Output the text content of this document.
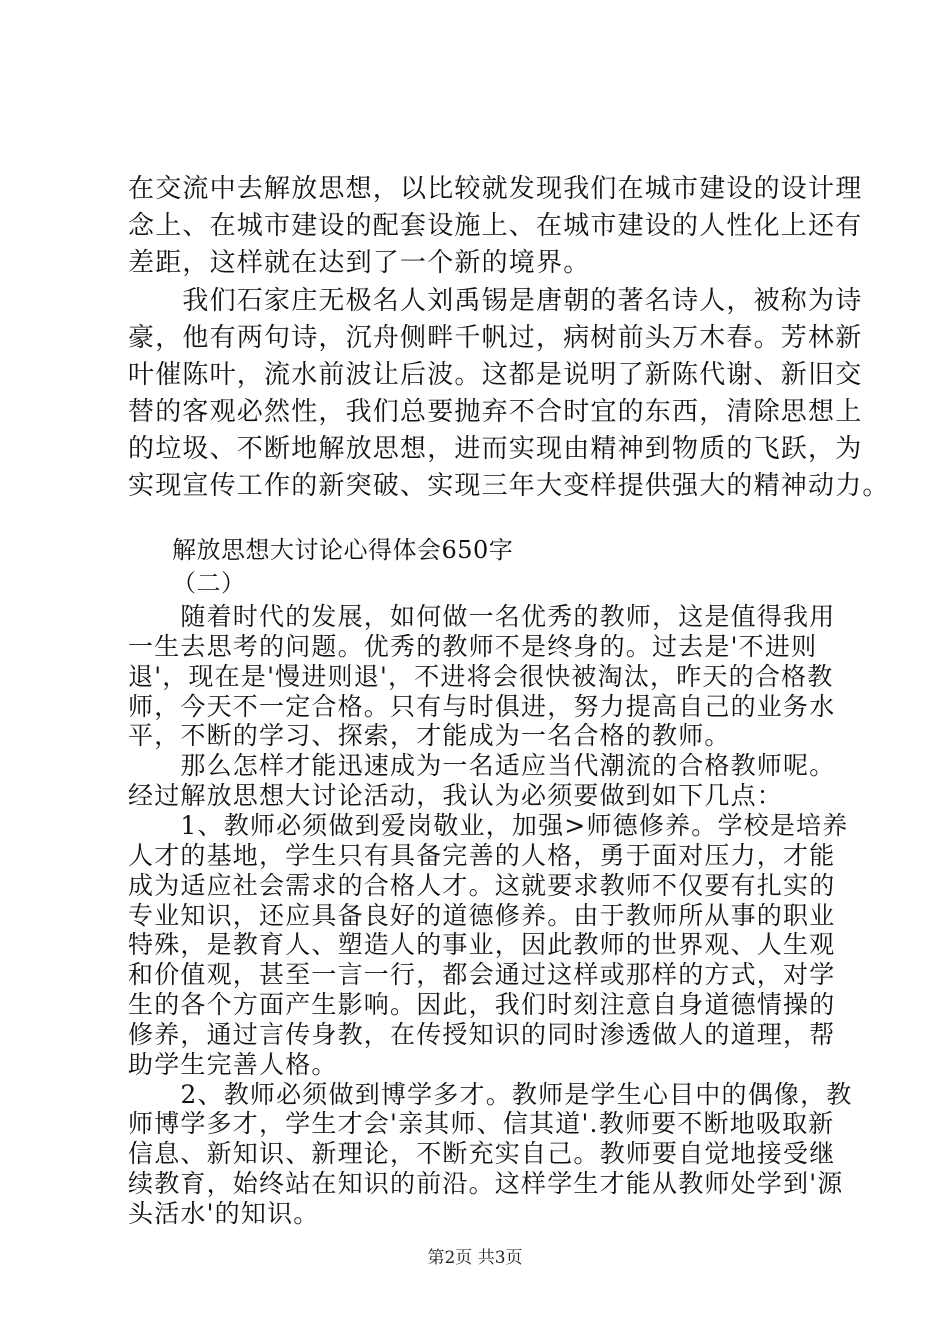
在交流中去解放思想，以比较就发现我们在城市建设的设计理
念上、在城市建设的配套设施上、在城市建设的人性化上还有
差距，这样就在达到了一个新的境界。
　　我们石家庄无极名人刘禹锡是唐朝的著名诗人，被称为诗
豪，他有两句诗，沉舟侧畔千帆过，病树前头万木春。芳林新
叶催陈叶，流水前波让后波。这都是说明了新陈代谢、新旧交
替的客观必然性，我们总要抛弃不合时宜的东西，清除思想上
的垃圾、不断地解放思想，进而实现由精神到物质的飞跃，为
实现宣传工作的新突破、实现三年大变样提供强大的精神动力。
解放思想大讨论心得体会650字
（二）
　　随着时代的发展，如何做一名优秀的教师，这是值得我用
一生去思考的问题。优秀的教师不是终身的。过去是'不进则
退'，现在是'慢进则退'，不进将会很快被淘汰，昨天的合格教
师，今天不一定合格。只有与时俱进，努力提高自己的业务水
平，不断的学习、探索，才能成为一名合格的教师。
　　那么怎样才能迅速成为一名适应当代潮流的合格教师呢。
经过解放思想大讨论活动，我认为必须要做到如下几点：
　　1、教师必须做到爱岗敬业，加强>师德修养。学校是培养
人才的基地，学生只有具备完善的人格，勇于面对压力，才能
成为适应社会需求的合格人才。这就要求教师不仅要有扎实的
专业知识，还应具备良好的道德修养。由于教师所从事的职业
特殊，是教育人、塑造人的事业，因此教师的世界观、人生观
和价值观，甚至一言一行，都会通过这样或那样的方式，对学
生的各个方面产生影响。因此，我们时刻注意自身道德情操的
修养，通过言传身教，在传授知识的同时渗透做人的道理，帮
助学生完善人格。
　　2、教师必须做到博学多才。教师是学生心目中的偶像，教
第2页 共3页
师博学多才，学生才会'亲其师、信其道'.教师要不断地吸取新
信息、新知识、新理论，不断充实自己。教师要自觉地接受继
续教育，始终站在知识的前沿。这样学生才能从教师处学到'源
头活水'的知识。
